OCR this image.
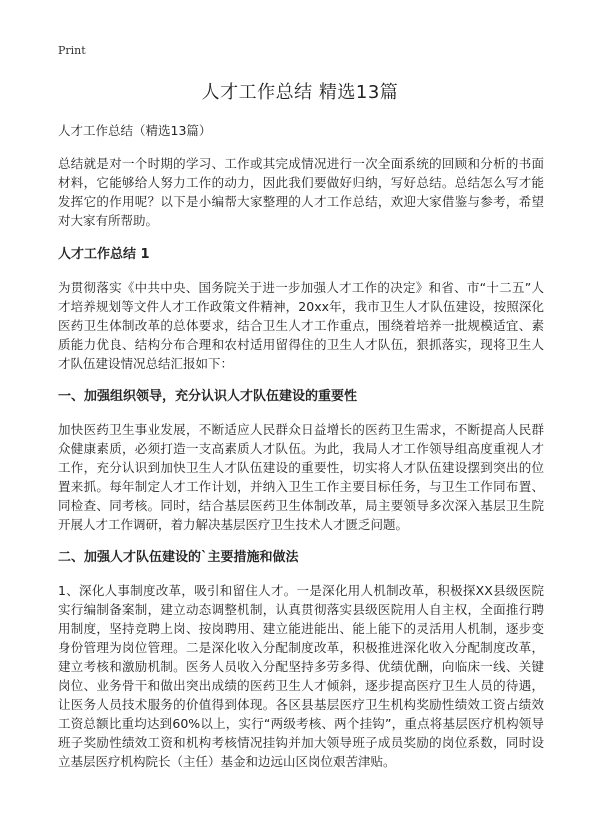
Print
人才工作总结 精选13篇
人才工作总结（精选13篇）

总结就是对一个时期的学习、工作或其完成情况进行一次全面系统的回顾和分析的书面材料，它能够给人努力工作的动力，因此我们要做好归纳，写好总结。总结怎么写才能发挥它的作用呢？以下是小编帮大家整理的人才工作总结，欢迎大家借鉴与参考，希望对大家有所帮助。

人才工作总结 1

为贯彻落实《中共中央、国务院关于进一步加强人才工作的决定》和省、市“十二五”人才培养规划等文件人才工作政策文件精神，20xx年，我市卫生人才队伍建设，按照深化医药卫生体制改革的总体要求，结合卫生人才工作重点，围绕着培养一批规模适宜、素质能力优良、结构分布合理和农村适用留得住的卫生人才队伍，狠抓落实，现将卫生人才队伍建设情况总结汇报如下：

一、加强组织领导，充分认识人才队伍建设的重要性

加快医药卫生事业发展，不断适应人民群众日益增长的医药卫生需求，不断提高人民群众健康素质，必须打造一支高素质人才队伍。为此，我局人才工作领导组高度重视人才工作，充分认识到加快卫生人才队伍建设的重要性，切实将人才队伍建设摆到突出的位置来抓。每年制定人才工作计划，并纳入卫生工作主要目标任务，与卫生工作同布置、同检查、同考核。同时，结合基层医药卫生体制改革，局主要领导多次深入基层卫生院开展人才工作调研，着力解决基层医疗卫生技术人才匮乏问题。

二、加强人才队伍建设的`主要措施和做法

1、深化人事制度改革，吸引和留住人才。一是深化用人机制改革，积极探XX县级医院实行编制备案制，建立动态调整机制，认真贯彻落实县级医院用人自主权，全面推行聘用制度，坚持竞聘上岗、按岗聘用、建立能进能出、能上能下的灵活用人机制，逐步变身份管理为岗位管理。二是深化收入分配制度改革，积极推进深化收入分配制度改革，建立考核和激励机制。医务人员收入分配坚持多劳多得、优绩优酬，向临床一线、关键岗位、业务骨干和做出突出成绩的医药卫生人才倾斜，逐步提高医疗卫生人员的待遇，让医务人员技术服务的价值得到体现。各区县基层医疗卫生机构奖励性绩效工资占绩效工资总额比重均达到60%以上，实行“两级考核、两个挂钩”，重点将基层医疗机构领导班子奖励性绩效工资和机构考核情况挂钩并加大领导班子成员奖励的岗位系数，同时设立基层医疗机构院长（主任）基金和边远山区岗位艰苦津贴。
